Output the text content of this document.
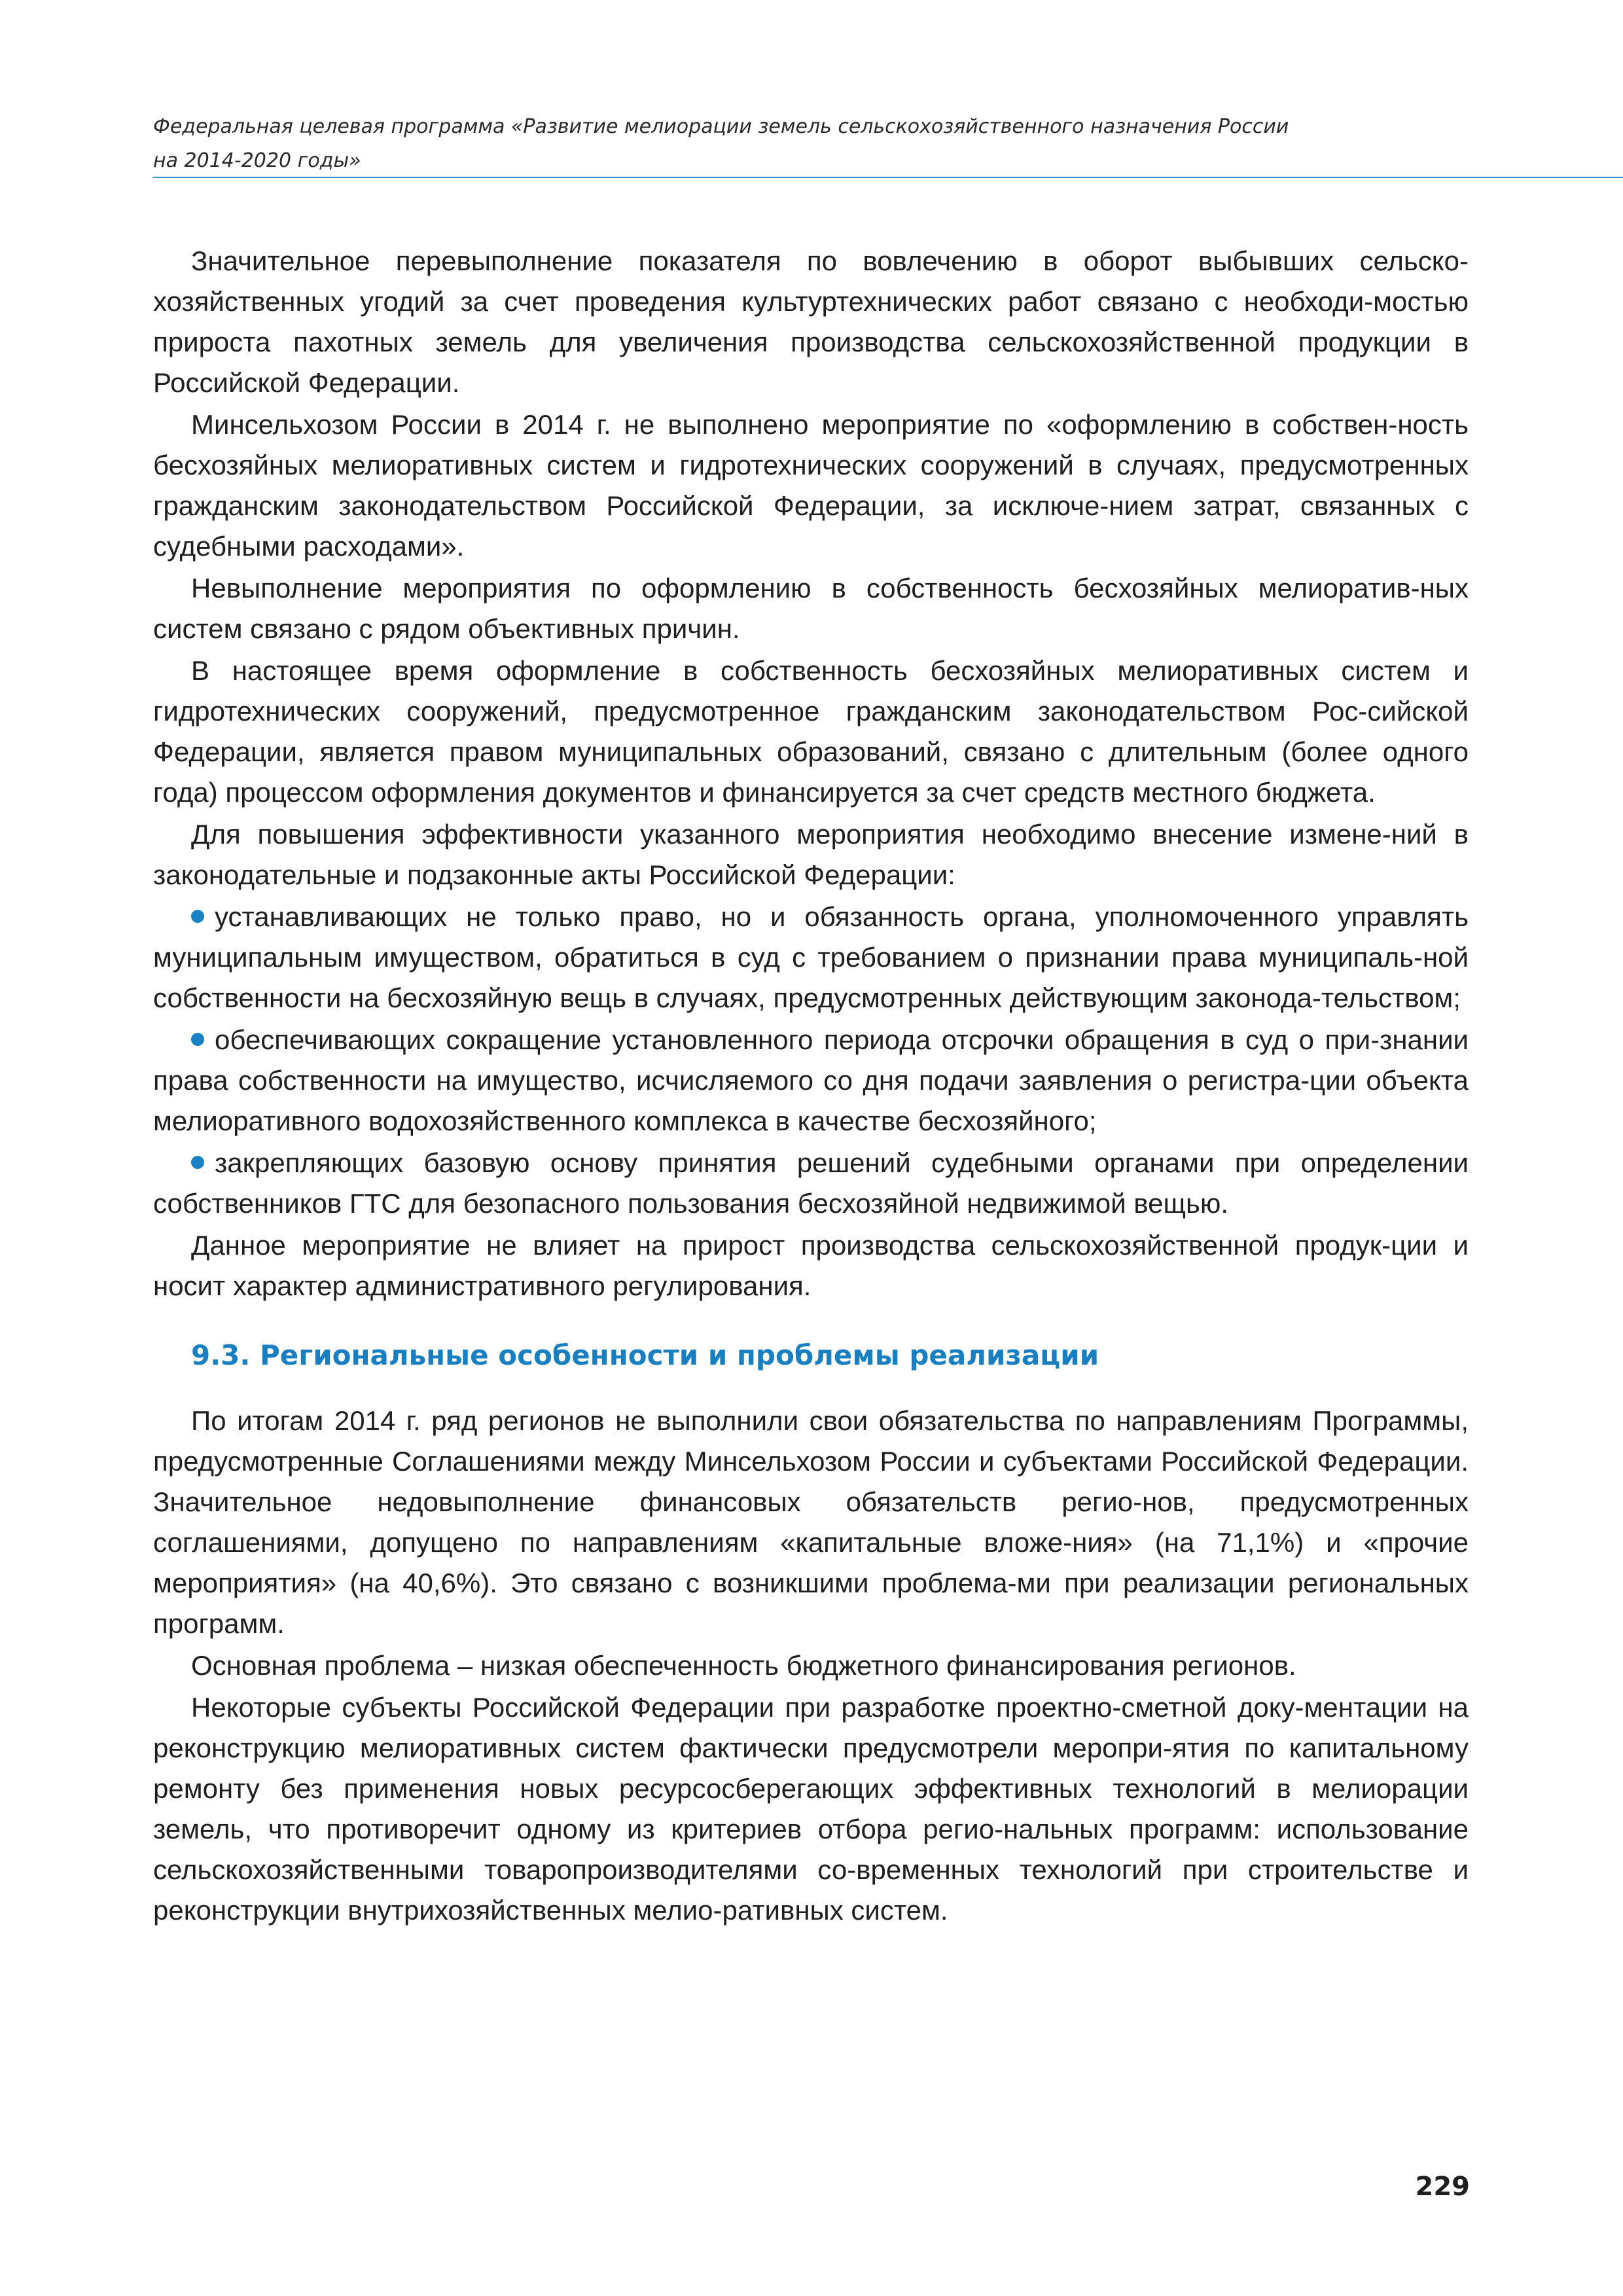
Федеральная целевая программа «Развитие мелиорации земель сельскохозяйственного назначения России
на 2014-2020 годы»

Значительное перевыполнение показателя по вовлечению в оборот выбывших сельско-хозяйственных угодий за счет проведения культуртехнических работ связано с необходи-мостью прироста пахотных земель для увеличения производства сельскохозяйственной продукции в Российской Федерации.

Минсельхозом России в 2014 г. не выполнено мероприятие по «оформлению в собствен-ность бесхозяйных мелиоративных систем и гидротехнических сооружений в случаях, предусмотренных гражданским законодательством Российской Федерации, за исключе-нием затрат, связанных с судебными расходами».

Невыполнение мероприятия по оформлению в собственность бесхозяйных мелиоратив-ных систем связано с рядом объективных причин.

В настоящее время оформление в собственность бесхозяйных мелиоративных систем и гидротехнических сооружений, предусмотренное гражданским законодательством Рос-сийской Федерации, является правом муниципальных образований, связано с длительным (более одного года) процессом оформления документов и финансируется за счет средств местного бюджета.

Для повышения эффективности указанного мероприятия необходимо внесение измене-ний в законодательные и подзаконные акты Российской Федерации:

устанавливающих не только право, но и обязанность органа, уполномоченного управлять муниципальным имуществом, обратиться в суд с требованием о признании права муниципаль-ной собственности на бесхозяйную вещь в случаях, предусмотренных действующим законода-тельством;

обеспечивающих сокращение установленного периода отсрочки обращения в суд о при-знании права собственности на имущество, исчисляемого со дня подачи заявления о регистра-ции объекта мелиоративного водохозяйственного комплекса в качестве бесхозяйного;

закрепляющих базовую основу принятия решений судебными органами при определении собственников ГТС для безопасного пользования бесхозяйной недвижимой вещью.

Данное мероприятие не влияет на прирост производства сельскохозяйственной продук-ции и носит характер административного регулирования.

9.3. Региональные особенности и проблемы реализации

По итогам 2014 г. ряд регионов не выполнили свои обязательства по направлениям Программы, предусмотренные Соглашениями между Минсельхозом России и субъектами Российской Федерации. Значительное недовыполнение финансовых обязательств регио-нов, предусмотренных соглашениями, допущено по направлениям «капитальные вложе-ния» (на 71,1%) и «прочие мероприятия» (на 40,6%). Это связано с возникшими проблема-ми при реализации региональных программ.

Основная проблема – низкая обеспеченность бюджетного финансирования регионов.

Некоторые субъекты Российской Федерации при разработке проектно-сметной доку-ментации на реконструкцию мелиоративных систем фактически предусмотрели меропри-ятия по капитальному ремонту без применения новых ресурсосберегающих эффективных технологий в мелиорации земель, что противоречит одному из критериев отбора регио-нальных программ: использование сельскохозяйственными товаропроизводителями со-временных технологий при строительстве и реконструкции внутрихозяйственных мелио-ративных систем.

229
